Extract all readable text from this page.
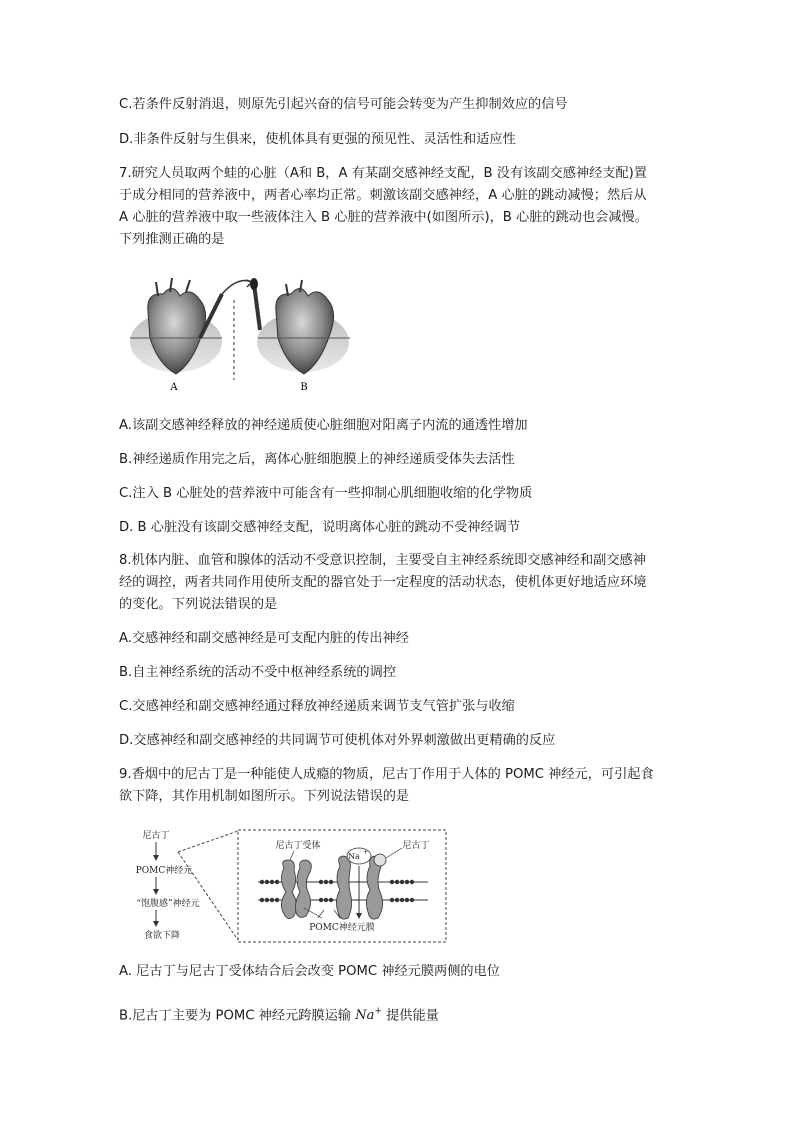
C.若条件反射消退，则原先引起兴奋的信号可能会转变为产生抑制效应的信号
D.非条件反射与生俱来，使机体具有更强的预见性、灵活性和适应性
7.研究人员取两个蛙的心脏（A和 B，A 有某副交感神经支配，B 没有该副交感神经支配)置
于成分相同的营养液中，两者心率均正常。刺激该副交感神经，A 心脏的跳动减慢；然后从
A 心脏的营养液中取一些液体注入 B 心脏的营养液中(如图所示)，B 心脏的跳动也会减慢。
下列推测正确的是
A	B
A.该副交感神经释放的神经递质使心脏细胞对阳离子内流的通透性增加
B.神经递质作用完之后，离体心脏细胞膜上的神经递质受体失去活性
C.注入 B 心脏处的营养液中可能含有一些抑制心肌细胞收缩的化学物质
D. B 心脏没有该副交感神经支配，说明离体心脏的跳动不受神经调节
8.机体内脏、血管和腺体的活动不受意识控制，主要受自主神经系统即交感神经和副交感神
经的调控，两者共同作用使所支配的器官处于一定程度的活动状态，使机体更好地适应环境
的变化。下列说法错误的是
A.交感神经和副交感神经是可支配内脏的传出神经
B.自主神经系统的活动不受中枢神经系统的调控
C.交感神经和副交感神经通过释放神经递质来调节支气管扩张与收缩
D.交感神经和副交感神经的共同调节可使机体对外界刺激做出更精确的反应
9.香烟中的尼古丁是一种能使人成瘾的物质，尼古丁作用于人体的 POMC 神经元，可引起食
欲下降，其作用机制如图所示。下列说法错误的是
尼古丁
POMC神经元
“饱腹感”神经元
食欲下降
Na +
尼古丁受体	尼古丁
POMC神经元膜
A. 尼古丁与尼古丁受体结合后会改变 POMC 神经元膜两侧的电位
B.尼古丁主要为 POMC 神经元跨膜运输 Na+ 提供能量
